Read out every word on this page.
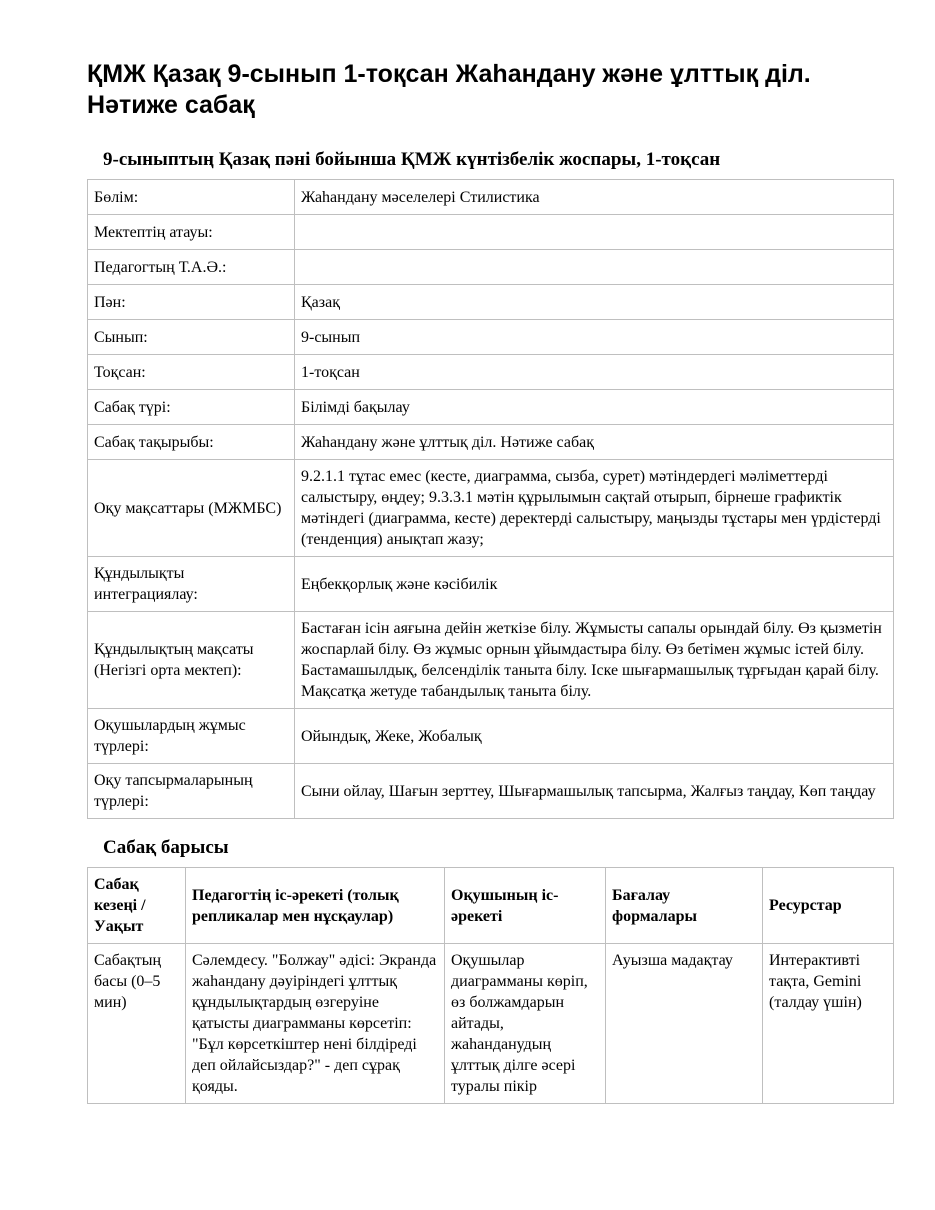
ҚМЖ Қазақ 9-сынып 1-тоқсан Жаһандану және ұлттық діл. Нәтиже сабақ
9-сыныптың Қазақ пәні бойынша ҚМЖ күнтізбелік жоспары, 1-тоқсан
Бөлім:	Жаһандану мәселелері Стилистика
Мектептің атауы:	
Педагогтың Т.А.Ә.:	
Пән:	Қазақ
Сынып:	9-сынып
Тоқсан:	1-тоқсан
Сабақ түрі:	Білімді бақылау
Сабақ тақырыбы:	Жаһандану және ұлттық діл. Нәтиже сабақ
Оқу мақсаттары (МЖМБС)	9.2.1.1 тұтас емес (кесте, диаграмма, сызба, сурет) мәтіндердегі мәліметтерді салыстыру, өңдеу; 9.3.3.1 мәтін құрылымын сақтай отырып, бірнеше графиктік мәтіндегі (диаграмма, кесте) деректерді салыстыру, маңызды тұстары мен үрдістерді (тенденция) анықтап жазу;
Құндылықты интеграциялау:	Еңбекқорлық және кәсібилік
Құндылықтың мақсаты (Негізгі орта мектеп):	Бастаған ісін аяғына дейін жеткізе білу. Жұмысты сапалы орындай білу. Өз қызметін жоспарлай білу. Өз жұмыс орнын ұйымдастыра білу. Өз бетімен жұмыс істей білу. Бастамашылдық, белсенділік таныта білу. Іске шығармашылық тұрғыдан қарай білу. Мақсатқа жетуде табандылық таныта білу.
Оқушылардың жұмыс түрлері:	Ойындық, Жеке, Жобалық
Оқу тапсырмаларының түрлері:	Сыни ойлау, Шағын зерттеу, Шығармашылық тапсырма, Жалғыз таңдау, Көп таңдау
Сабақ барысы
Сабақ кезеңі / Уақыт	Педагогтің іс-әрекеті (толық репликалар мен нұсқаулар)	Оқушының іс-әрекеті	Бағалау формалары	Ресурстар
Сабақтың басы (0–5 мин)	Сәлемдесу. "Болжау" әдісі: Экранда жаһандану дәуіріндегі ұлттық құндылықтардың өзгеруіне қатысты диаграмманы көрсетіп: "Бұл көрсеткіштер нені білдіреді деп ойлайсыздар?" - деп сұрақ қояды.	Оқушылар диаграмманы көріп, өз болжамдарын айтады, жаһанданудың ұлттық ділге әсері туралы пікір	Ауызша мадақтау	Интерактивті тақта, Gemini (талдау үшін)
